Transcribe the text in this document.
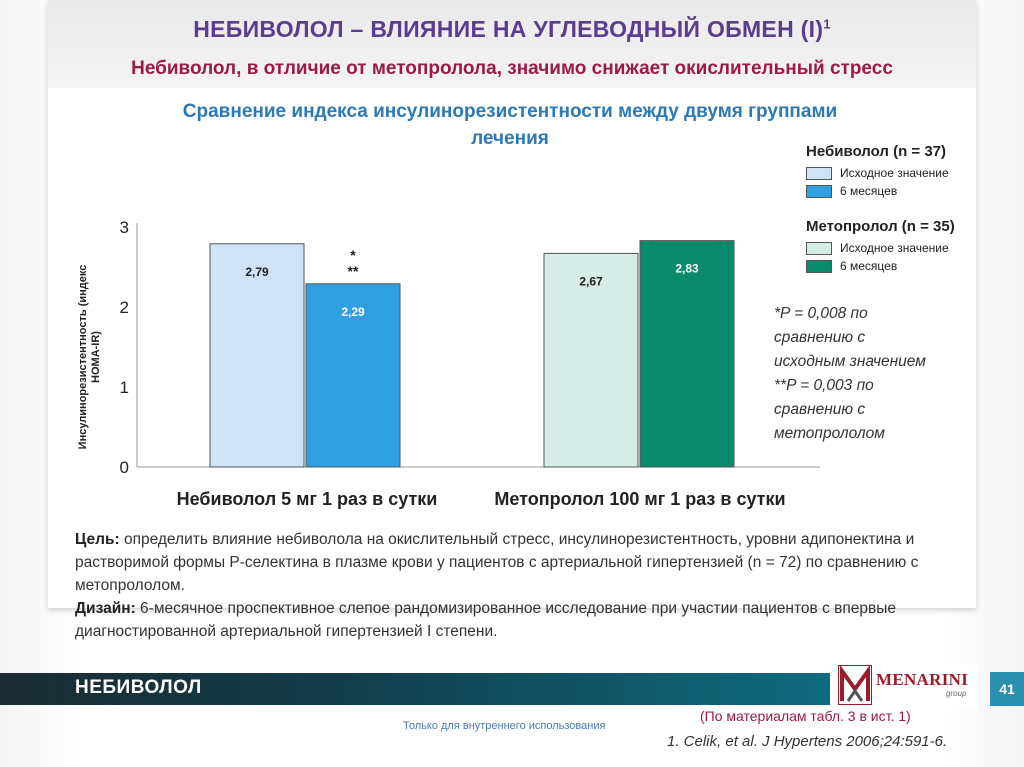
НЕБИВОЛОЛ – ВЛИЯНИЕ НА УГЛЕВОДНЫЙ ОБМЕН $(I)^1$
Небиволол, в отличие от метопролола, значимо снижает окислительный стресс
Сравнение индекса инсулинорезистентности между двумя группами
лечения
Инсулинорезистентность (индексHOMA-IR)
0
1
2
3
2,79
2,29
*
**
2,67
2,83
Небиволол 5 мг 1 раз в сутки	Метопролол 100 мг 1 раз в сутки
Небиволол (n = 37)
Исходное значение
6 месяцев
Метопролол (n = 35)
Исходное значение
6 месяцев
*P = 0,008 по
сравнению с
исходным значением
**P = 0,003 по
сравнению с
метопрололом
Цель: определить влияние небиволола на окислительный стресс, инсулинорезистентность, уровни адипонектина и растворимой формы Р-селектина в плазме крови у пациентов с артериальной гипертензией (n = 72) по сравнению с метопрололом.
Дизайн: 6-месячное проспективное слепое рандомизированное исследование при участии пациентов с впервые диагностированной артериальной гипертензией I степени.
НЕБИВОЛОЛ	MENARINI
group	41
Только для внутреннего использования
(По материалам табл. 3 в ист. 1)
1. Celik, et al. J Hypertens 2006;24:591-6.
